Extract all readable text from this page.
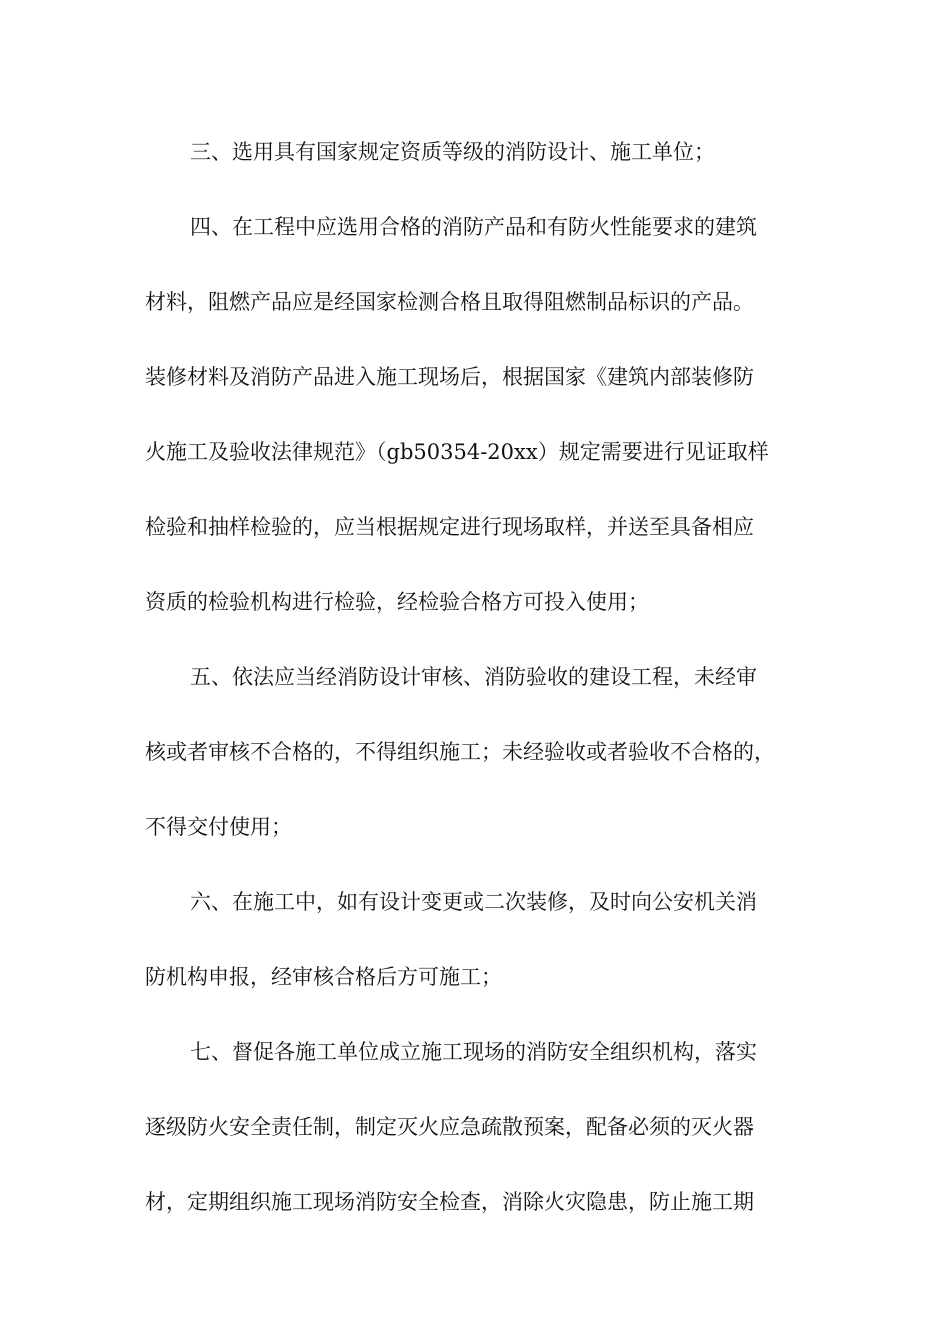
三、选用具有国家规定资质等级的消防设计、施工单位；
四、在工程中应选用合格的消防产品和有防火性能要求的建筑
材料，阻燃产品应是经国家检测合格且取得阻燃制品标识的产品。
装修材料及消防产品进入施工现场后，根据国家《建筑内部装修防
火施工及验收法律规范》（gb50354-20xx）规定需要进行见证取样
检验和抽样检验的，应当根据规定进行现场取样，并送至具备相应
资质的检验机构进行检验，经检验合格方可投入使用；
五、依法应当经消防设计审核、消防验收的建设工程，未经审
核或者审核不合格的，不得组织施工；未经验收或者验收不合格的，
不得交付使用；
六、在施工中，如有设计变更或二次装修，及时向公安机关消
防机构申报，经审核合格后方可施工；
七、督促各施工单位成立施工现场的消防安全组织机构，落实
逐级防火安全责任制，制定灭火应急疏散预案，配备必须的灭火器
材，定期组织施工现场消防安全检查，消除火灾隐患，防止施工期
